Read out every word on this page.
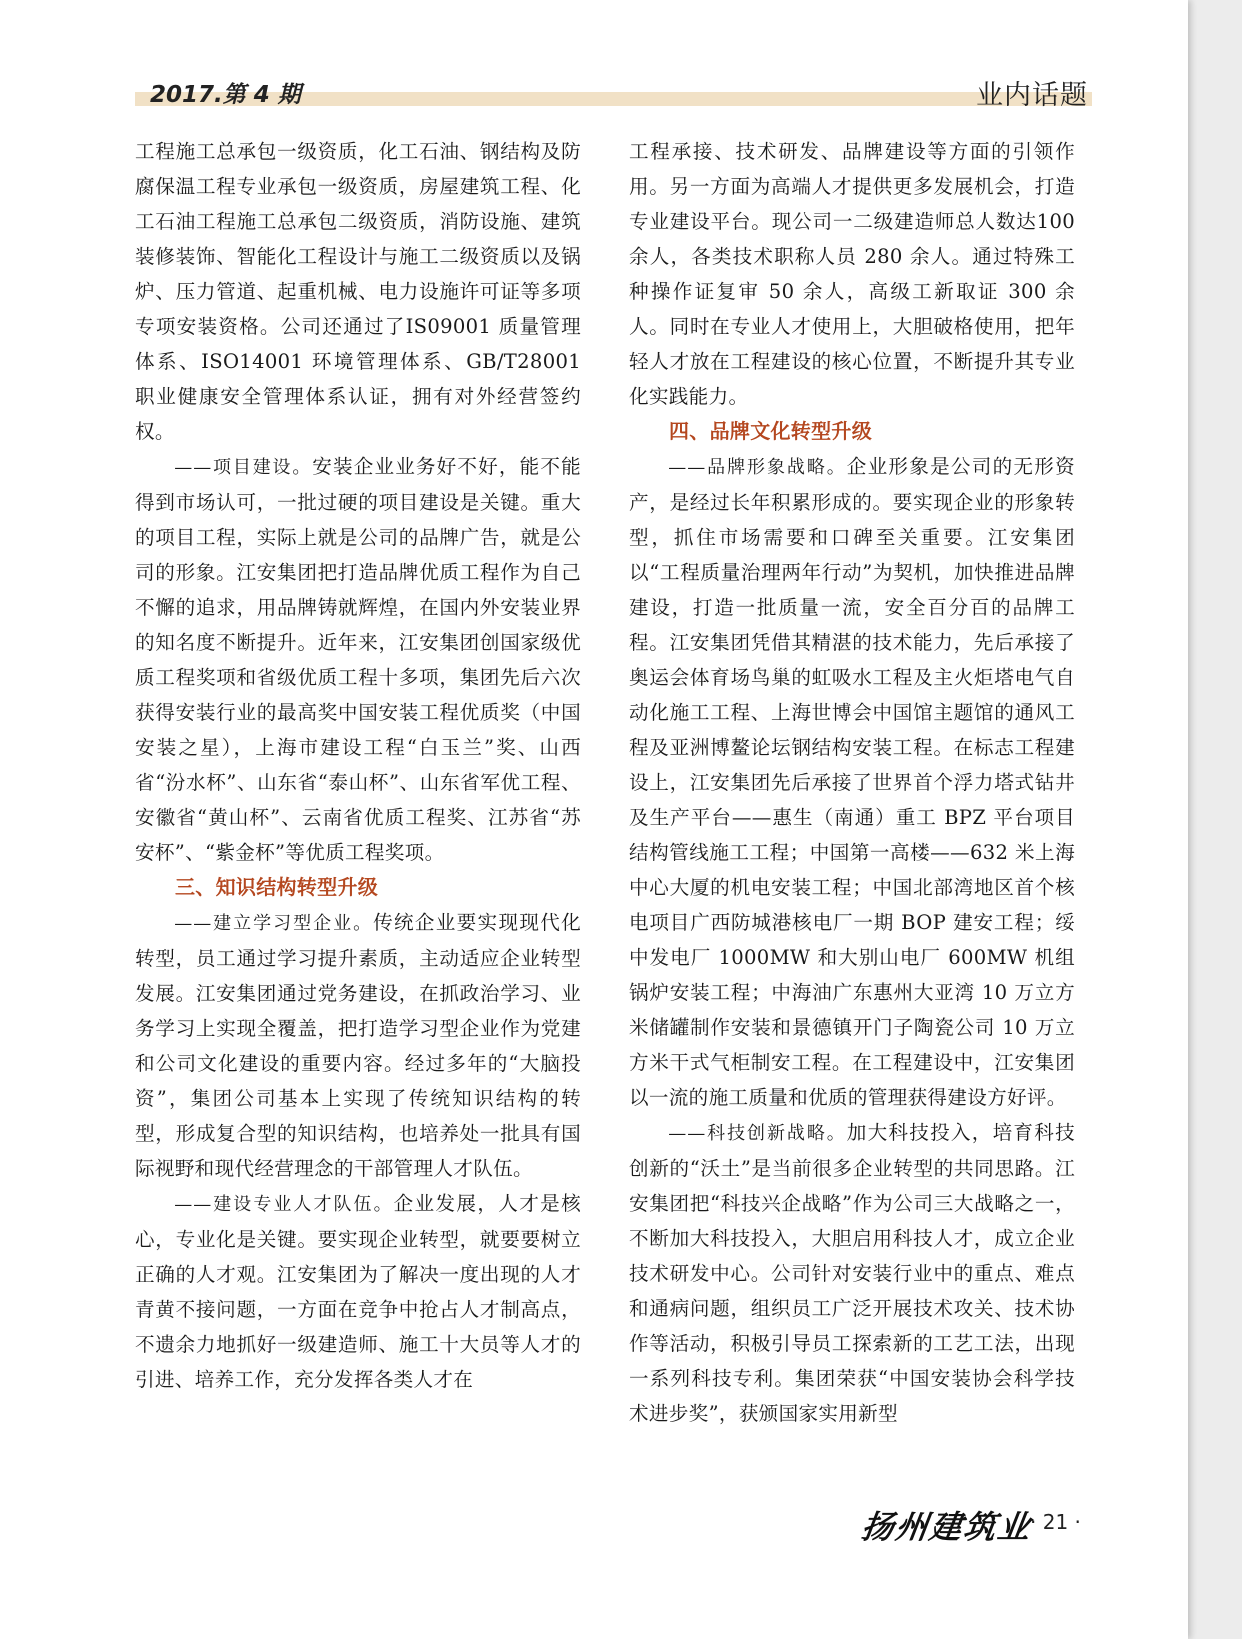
2017.第 4 期	业内话题

工程施工总承包一级资质，化工石油、钢结构及防腐保温工程专业承包一级资质，房屋建筑工程、化工石油工程施工总承包二级资质，消防设施、建筑装修装饰、智能化工程设计与施工二级资质以及锅炉、压力管道、起重机械、电力设施许可证等多项专项安装资格。公司还通过了IS09001 质量管理体系、ISO14001 环境管理体系、GB/T28001 职业健康安全管理体系认证，拥有对外经营签约权。

——项目建设。安装企业业务好不好，能不能得到市场认可，一批过硬的项目建设是关键。重大的项目工程，实际上就是公司的品牌广告，就是公司的形象。江安集团把打造品牌优质工程作为自己不懈的追求，用品牌铸就辉煌，在国内外安装业界的知名度不断提升。近年来，江安集团创国家级优质工程奖项和省级优质工程十多项，集团先后六次获得安装行业的最高奖中国安装工程优质奖（中国安装之星），上海市建设工程“白玉兰”奖、山西省“汾水杯”、山东省“泰山杯”、山东省军优工程、安徽省“黄山杯”、云南省优质工程奖、江苏省“苏安杯”、“紫金杯”等优质工程奖项。

三、知识结构转型升级

——建立学习型企业。传统企业要实现现代化转型，员工通过学习提升素质，主动适应企业转型发展。江安集团通过党务建设，在抓政治学习、业务学习上实现全覆盖，把打造学习型企业作为党建和公司文化建设的重要内容。经过多年的“大脑投资”，集团公司基本上实现了传统知识结构的转型，形成复合型的知识结构，也培养处一批具有国际视野和现代经营理念的干部管理人才队伍。

——建设专业人才队伍。企业发展，人才是核心，专业化是关键。要实现企业转型，就要要树立正确的人才观。江安集团为了解决一度出现的人才青黄不接问题，一方面在竞争中抢占人才制高点，不遗余力地抓好一级建造师、施工十大员等人才的引进、培养工作，充分发挥各类人才在

工程承接、技术研发、品牌建设等方面的引领作用。另一方面为高端人才提供更多发展机会，打造专业建设平台。现公司一二级建造师总人数达100 余人，各类技术职称人员 280 余人。通过特殊工种操作证复审 50 余人，高级工新取证 300 余人。同时在专业人才使用上，大胆破格使用，把年轻人才放在工程建设的核心位置，不断提升其专业化实践能力。

四、品牌文化转型升级

——品牌形象战略。企业形象是公司的无形资产，是经过长年积累形成的。要实现企业的形象转型，抓住市场需要和口碑至关重要。江安集团以“工程质量治理两年行动”为契机，加快推进品牌建设，打造一批质量一流，安全百分百的品牌工程。江安集团凭借其精湛的技术能力，先后承接了奥运会体育场鸟巢的虹吸水工程及主火炬塔电气自动化施工工程、上海世博会中国馆主题馆的通风工程及亚洲博鳌论坛钢结构安装工程。在标志工程建设上，江安集团先后承接了世界首个浮力塔式钻井及生产平台——惠生（南通）重工 BPZ 平台项目结构管线施工工程；中国第一高楼——632 米上海中心大厦的机电安装工程；中国北部湾地区首个核电项目广西防城港核电厂一期 BOP 建安工程；绥中发电厂 1000MW 和大别山电厂 600MW 机组锅炉安装工程；中海油广东惠州大亚湾 10 万立方米储罐制作安装和景德镇开门子陶瓷公司 10 万立方米干式气柜制安工程。在工程建设中，江安集团以一流的施工质量和优质的管理获得建设方好评。

——科技创新战略。加大科技投入，培育科技创新的“沃土”是当前很多企业转型的共同思路。江安集团把“科技兴企战略”作为公司三大战略之一，不断加大科技投入，大胆启用科技人才，成立企业技术研发中心。公司针对安装行业中的重点、难点和通病问题，组织员工广泛开展技术攻关、技术协作等活动，积极引导员工探索新的工艺工法，出现一系列科技专利。集团荣获“中国安装协会科学技术进步奖”，获颁国家实用新型

扬州建筑业
· 21 ·
